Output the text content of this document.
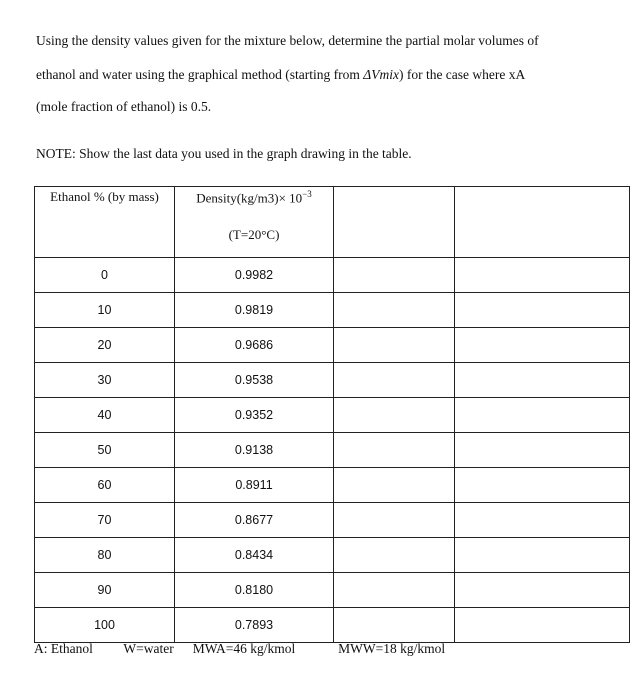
Using the density values given for the mixture below, determine the partial molar volumes of

ethanol and water using the graphical method (starting from ΔVmix) for the case where xA

(mole fraction of ethanol) is 0.5.

NOTE: Show the last data you used in the graph drawing in the table.

Ethanol % (by mass)	Density(kg/m3)× $10^{-3}$
(T=20°C)		

0	0.9982		
10	0.9819		
20	0.9686		
30	0.9538		
40	0.9352		
50	0.9138		
60	0.8911		
70	0.8677		
80	0.8434		
90	0.8180		
100	0.7893		
A: Ethanol W=water MWA=46 kg/kmol	MWW=18 kg/kmol
